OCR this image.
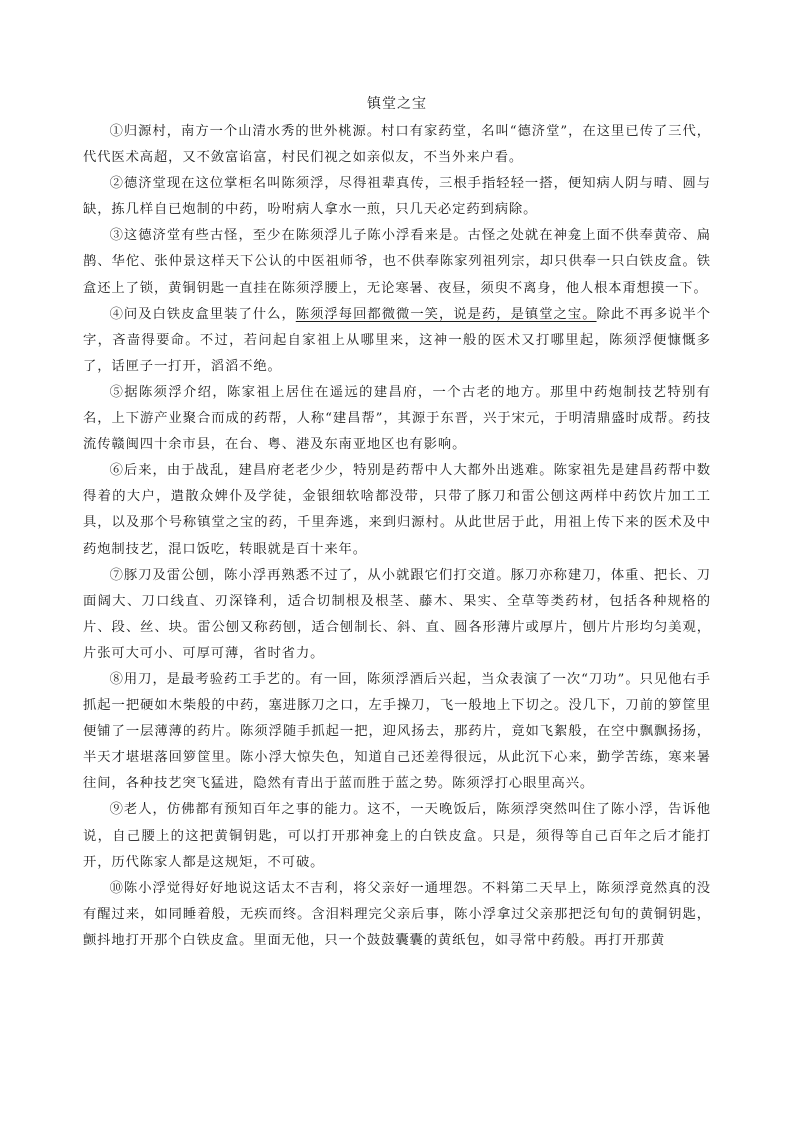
镇堂之宝

①归源村，南方一个山清水秀的世外桃源。村口有家药堂，名叫“德济堂”，在这里已传了三代，代代医术高超，又不敛富谄富，村民们视之如亲似友，不当外来户看。

②德济堂现在这位掌柜名叫陈须浮，尽得祖辈真传，三根手指轻轻一搭，便知病人阴与晴、圆与缺，拣几样自已炮制的中药，吩咐病人拿水一煎，只几天必定药到病除。

③这德济堂有些古怪，至少在陈须浮儿子陈小浮看来是。古怪之处就在神龛上面不供奉黄帝、扁鹊、华佗、张仲景这样天下公认的中医祖师爷，也不供奉陈家列祖列宗，却只供奉一只白铁皮盒。铁盒还上了锁，黄铜钥匙一直挂在陈须浮腰上，无论寒暑、夜昼，须臾不离身，他人根本甭想摸一下。

④问及白铁皮盒里装了什么，陈须浮每回都微微一笑，说是药，是镇堂之宝。除此不再多说半个字，吝啬得要命。不过，若问起自家祖上从哪里来，这神一般的医术又打哪里起，陈须浮便慷慨多了，话匣子一打开，滔滔不绝。

⑤据陈须浮介绍，陈家祖上居住在遥远的建昌府，一个古老的地方。那里中药炮制技艺特别有名，上下游产业聚合而成的药帮，人称“建昌帮”，其源于东晋，兴于宋元，于明清鼎盛时成帮。药技流传赣闽四十余市县，在台、粤、港及东南亚地区也有影响。

⑥后来，由于战乱，建昌府老老少少，特别是药帮中人大都外出逃难。陈家祖先是建昌药帮中数得着的大户，遣散众婢仆及学徒，金银细软啥都没带，只带了豚刀和雷公刨这两样中药饮片加工工具，以及那个号称镇堂之宝的药，千里奔逃，来到归源村。从此世居于此，用祖上传下来的医术及中药炮制技艺，混口饭吃，转眼就是百十来年。

⑦豚刀及雷公刨，陈小浮再熟悉不过了，从小就跟它们打交道。豚刀亦称建刀，体重、把长、刀面阔大、刀口线直、刃深锋利，适合切制根及根茎、藤木、果实、全草等类药材，包括各种规格的片、段、丝、块。雷公刨又称药刨，适合刨制长、斜、直、圆各形薄片或厚片，刨片片形均匀美观，片张可大可小、可厚可薄，省时省力。

⑧用刀，是最考验药工手艺的。有一回，陈须浮酒后兴起，当众表演了一次“刀功”。只见他右手抓起一把硬如木柴般的中药，塞进豚刀之口，左手操刀，飞一般地上下切之。没几下，刀前的箩筐里便铺了一层薄薄的药片。陈须浮随手抓起一把，迎风扬去，那药片，竟如飞絮般，在空中飘飘扬扬，半天才堪堪落回箩筐里。陈小浮大惊失色，知道自己还差得很远，从此沉下心来，勤学苦练，寒来暑往间，各种技艺突飞猛进，隐然有青出于蓝而胜于蓝之势。陈须浮打心眼里高兴。

⑨老人，仿佛都有预知百年之事的能力。这不，一天晚饭后，陈须浮突然叫住了陈小浮，告诉他说，自己腰上的这把黄铜钥匙，可以打开那神龛上的白铁皮盒。只是，须得等自己百年之后才能打开，历代陈家人都是这规矩，不可破。

⑩陈小浮觉得好好地说这话太不吉利，将父亲好一通埋怨。不料第二天早上，陈须浮竟然真的没有醒过来，如同睡着般，无疾而终。含泪料理完父亲后事，陈小浮拿过父亲那把泛旬旬的黄铜钥匙，颤抖地打开那个白铁皮盒。里面无他，只一个鼓鼓囊囊的黄纸包，如寻常中药般。再打开那黄
